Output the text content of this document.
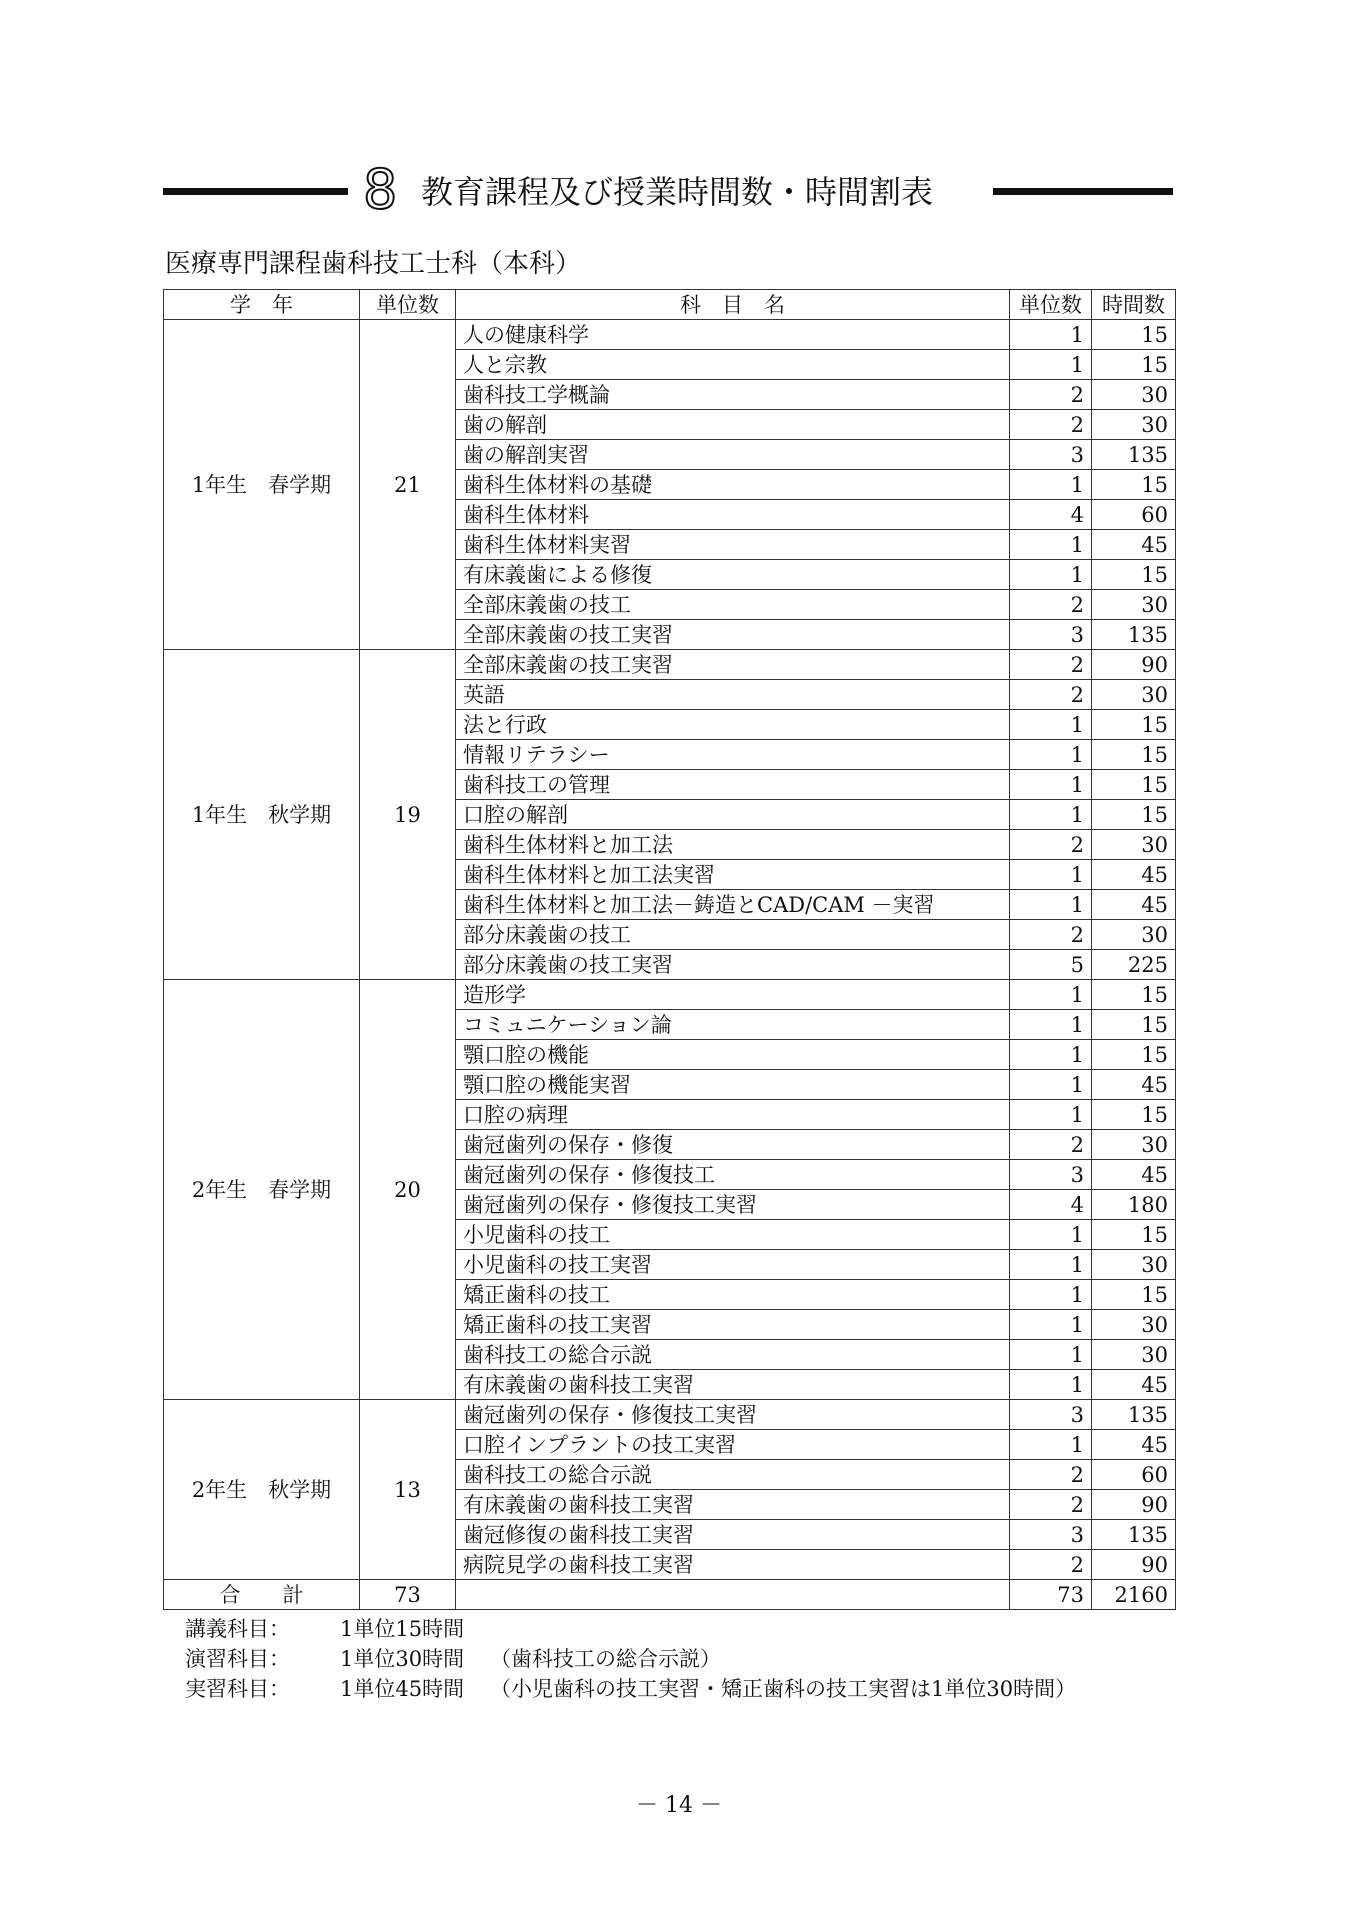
8 教育課程及び授業時間数・時間割表
医療専門課程歯科技工士科（本科）
学　年	単位数	科　目　名	単位数	時間数
1年生　春学期	21	人の健康科学	1	15
		人と宗教	1	15
		歯科技工学概論	2	30
		歯の解剖	2	30
		歯の解剖実習	3	135
		歯科生体材料の基礎	1	15
		歯科生体材料	4	60
		歯科生体材料実習	1	45
		有床義歯による修復	1	15
		全部床義歯の技工	2	30
		全部床義歯の技工実習	3	135
1年生　秋学期	19	全部床義歯の技工実習	2	90
		英語	2	30
		法と行政	1	15
		情報リテラシー	1	15
		歯科技工の管理	1	15
		口腔の解剖	1	15
		歯科生体材料と加工法	2	30
		歯科生体材料と加工法実習	1	45
		歯科生体材料と加工法－鋳造とCAD/CAM －実習	1	45
		部分床義歯の技工	2	30
		部分床義歯の技工実習	5	225
2年生　春学期	20	造形学	1	15
		コミュニケーション論	1	15
		顎口腔の機能	1	15
		顎口腔の機能実習	1	45
		口腔の病理	1	15
		歯冠歯列の保存・修復	2	30
		歯冠歯列の保存・修復技工	3	45
		歯冠歯列の保存・修復技工実習	4	180
		小児歯科の技工	1	15
		小児歯科の技工実習	1	30
		矯正歯科の技工	1	15
		矯正歯科の技工実習	1	30
		歯科技工の総合示説	1	30
		有床義歯の歯科技工実習	1	45
2年生　秋学期	13	歯冠歯列の保存・修復技工実習	3	135
		口腔インプラントの技工実習	1	45
		歯科技工の総合示説	2	60
		有床義歯の歯科技工実習	2	90
		歯冠修復の歯科技工実習	3	135
		病院見学の歯科技工実習	2	90
合　　計	73		73	2160
講義科目：	1単位15時間
演習科目：	1単位30時間	（歯科技工の総合示説）
実習科目：	1単位45時間	（小児歯科の技工実習・矯正歯科の技工実習は1単位30時間）
－ 14 －
